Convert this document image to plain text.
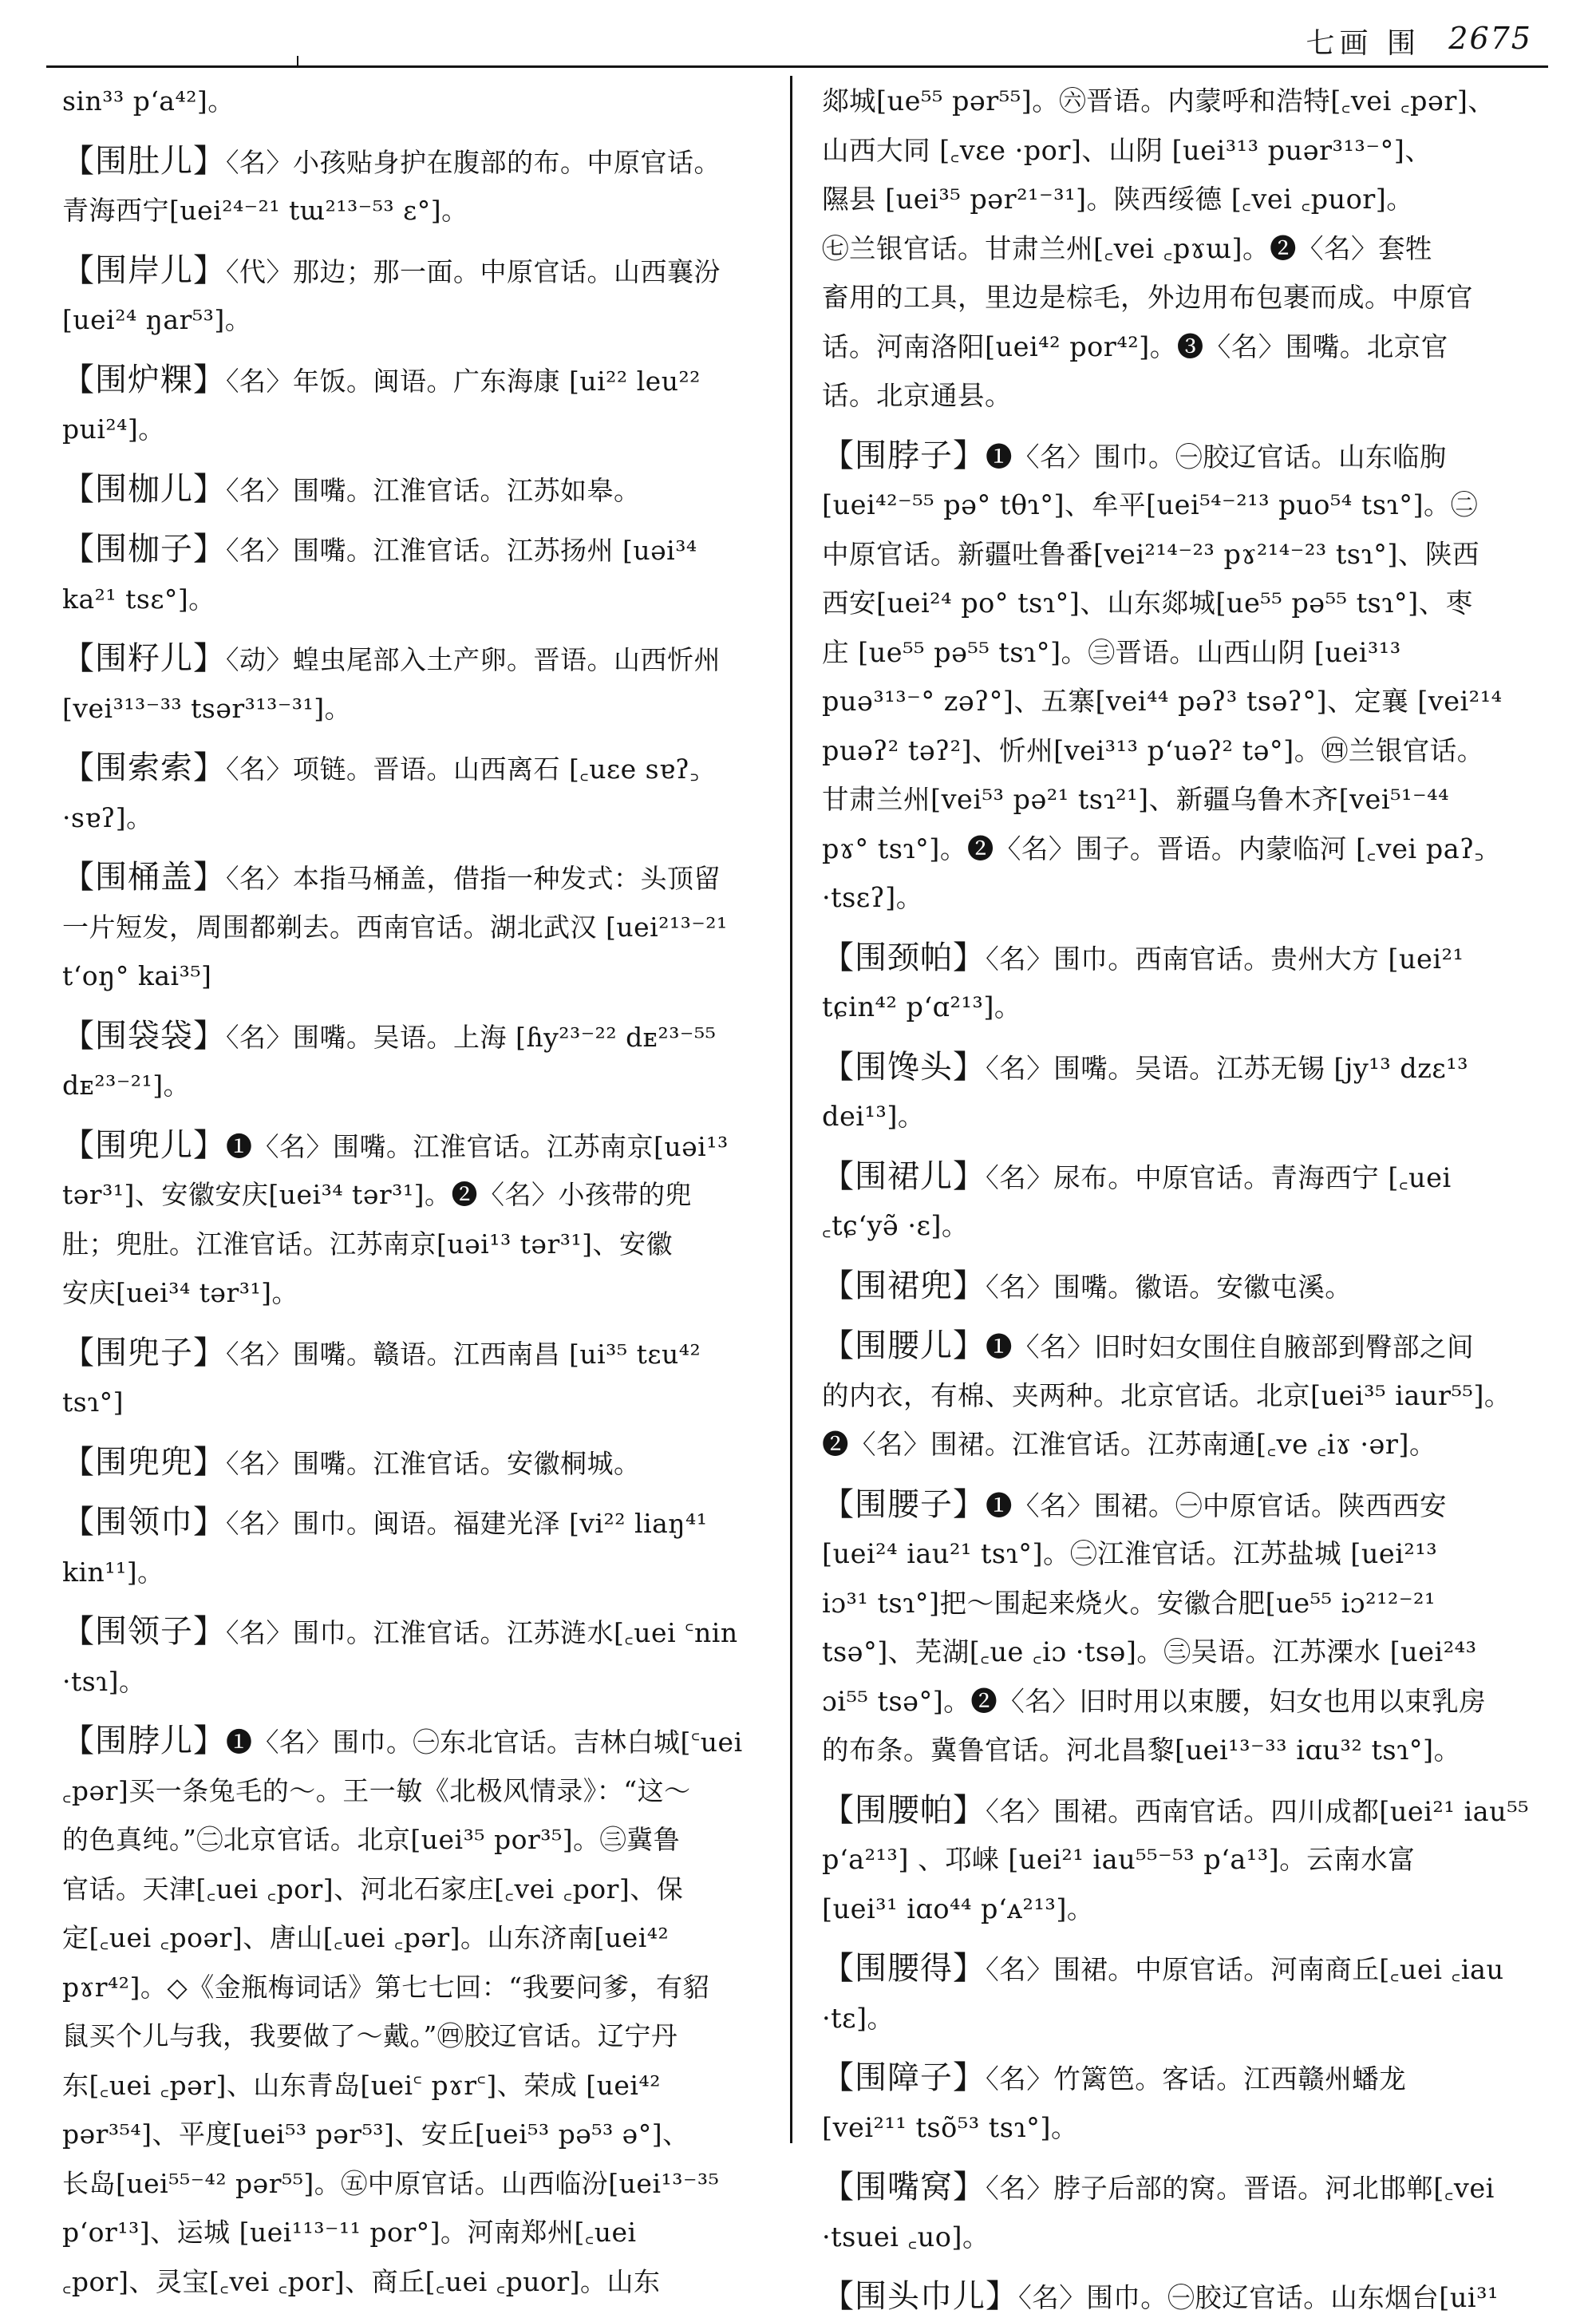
七画 围 2675
sin³³ p‘a⁴²]。
【围肚儿】〈名〉小孩贴身护在腹部的布。中原官话。
青海西宁[uei²⁴⁻²¹ tɯ²¹³⁻⁵³ ɛ°]。
【围岸儿】〈代〉那边；那一面。中原官话。山西襄汾
[uei²⁴ ŋar⁵³]。
【围炉粿】〈名〉年饭。闽语。广东海康 [ui²² leu²²
pui²⁴]。
【围枷儿】〈名〉围嘴。江淮官话。江苏如皋。
【围枷子】〈名〉围嘴。江淮官话。江苏扬州 [uəi³⁴
ka²¹ tsɛ°]。
【围籽儿】〈动〉蝗虫尾部入土产卵。晋语。山西忻州
[vei³¹³⁻³³ tsər³¹³⁻³¹]。
【围索索】〈名〉项链。晋语。山西离石 [꜀uɛe sɐʔ꜆
·sɐʔ]。
【围桶盖】〈名〉本指马桶盖，借指一种发式：头顶留
一片短发，周围都剃去。西南官话。湖北武汉 [uei²¹³⁻²¹
t‘oŋ° kai³⁵]
【围袋袋】〈名〉围嘴。吴语。上海 [ɦy²³⁻²² dᴇ²³⁻⁵⁵
dᴇ²³⁻²¹]。
【围兜儿】❶〈名〉围嘴。江淮官话。江苏南京[uəi¹³
tər³¹]、安徽安庆[uei³⁴ tər³¹]。❷〈名〉小孩带的兜
肚；兜肚。江淮官话。江苏南京[uəi¹³ tər³¹]、安徽
安庆[uei³⁴ tər³¹]。
【围兜子】〈名〉围嘴。赣语。江西南昌 [ui³⁵ tɛu⁴²
tsɿ°]
【围兜兜】〈名〉围嘴。江淮官话。安徽桐城。
【围领巾】〈名〉围巾。闽语。福建光泽 [vi²² liaŋ⁴¹
kin¹¹]。
【围领子】〈名〉围巾。江淮官话。江苏涟水[꜀uei ꜂nin
·tsɿ]。
【围脖儿】❶〈名〉围巾。㊀东北官话。吉林白城[꜂uei
꜀pər]买一条兔毛的～。王一敏《北极风情录》：“这～
的色真纯。”㊁北京官话。北京[uei³⁵ por³⁵]。㊂冀鲁
官话。天津[꜀uei ꜀por]、河北石家庄[꜀vei ꜀por]、保
定[꜀uei ꜀poər]、唐山[꜀uei ꜀pər]。山东济南[uei⁴²
pɤr⁴²]。◇《金瓶梅词话》第七七回：“我要问爹，有貂
鼠买个儿与我，我要做了～戴。”㊃胶辽官话。辽宁丹
东[꜀uei ꜀pər]、山东青岛[uei꜂ pɤr꜂]、荣成 [uei⁴²
pər³⁵⁴]、平度[uei⁵³ pər⁵³]、安丘[uei⁵³ pə⁵³ ə°]、
长岛[uei⁵⁵⁻⁴² pər⁵⁵]。㊄中原官话。山西临汾[uei¹³⁻³⁵
p‘or¹³]、运城 [uei¹¹³⁻¹¹ por°]。河南郑州[꜀uei
꜀por]、灵宝[꜀vei ꜀por]、商丘[꜀uei ꜀puor]。山东
郯城[ue⁵⁵ pər⁵⁵]。㊅晋语。内蒙呼和浩特[꜀vei ꜀pər]、
山西大同 [꜀vɛe ·por]、山阴 [uei³¹³ puər³¹³⁻°]、
隰县 [uei³⁵ pər²¹⁻³¹]。陕西绥德 [꜀vei ꜀puor]。
㊆兰银官话。甘肃兰州[꜀vei ꜀pɤɯ]。❷〈名〉套牲
畜用的工具，里边是棕毛，外边用布包裹而成。中原官
话。河南洛阳[uei⁴² por⁴²]。❸〈名〉围嘴。北京官
话。北京通县。
【围脖子】❶〈名〉围巾。㊀胶辽官话。山东临朐
[uei⁴²⁻⁵⁵ pə° tθɿ°]、牟平[uei⁵⁴⁻²¹³ puo⁵⁴ tsɿ°]。㊁
中原官话。新疆吐鲁番[vei²¹⁴⁻²³ pɤ²¹⁴⁻²³ tsɿ°]、陕西
西安[uei²⁴ po° tsɿ°]、山东郯城[ue⁵⁵ pə⁵⁵ tsɿ°]、枣
庄 [ue⁵⁵ pə⁵⁵ tsɿ°]。㊂晋语。山西山阴 [uei³¹³
puə³¹³⁻° zəʔ°]、五寨[vei⁴⁴ pəʔ³ tsəʔ°]、定襄 [vei²¹⁴
puəʔ² təʔ²]、忻州[vei³¹³ p‘uəʔ² tə°]。㊃兰银官话。
甘肃兰州[vei⁵³ pə²¹ tsɿ²¹]、新疆乌鲁木齐[vei⁵¹⁻⁴⁴
pɤ° tsɿ°]。❷〈名〉围子。晋语。内蒙临河 [꜀vei paʔ꜆
·tsɛʔ]。
【围颈帕】〈名〉围巾。西南官话。贵州大方 [uei²¹
tɕin⁴² p‘ɑ²¹³]。
【围馋头】〈名〉围嘴。吴语。江苏无锡 [jy¹³ dzɛ¹³
dei¹³]。
【围裙儿】〈名〉尿布。中原官话。青海西宁 [꜀uei
꜀tɕ‘yə̃ ·ɛ]。
【围裙兜】〈名〉围嘴。徽语。安徽屯溪。
【围腰儿】❶〈名〉旧时妇女围住自腋部到臀部之间
的内衣，有棉、夹两种。北京官话。北京[uei³⁵ iaur⁵⁵]。
❷〈名〉围裙。江淮官话。江苏南通[꜀ve ꜀iɤ ·ər]。
【围腰子】❶〈名〉围裙。㊀中原官话。陕西西安
[uei²⁴ iau²¹ tsɿ°]。㊁江淮官话。江苏盐城 [uei²¹³
iɔ³¹ tsɿ°]把～围起来烧火。安徽合肥[ue⁵⁵ iɔ²¹²⁻²¹
tsə°]、芜湖[꜀ue ꜀iɔ ·tsə]。㊂吴语。江苏溧水 [uei²⁴³
ɔi⁵⁵ tsə°]。❷〈名〉旧时用以束腰，妇女也用以束乳房
的布条。冀鲁官话。河北昌黎[uei¹³⁻³³ iɑu³² tsɿ°]。
【围腰帕】〈名〉围裙。西南官话。四川成都[uei²¹ iau⁵⁵
p‘a²¹³] 、邛崃 [uei²¹ iau⁵⁵⁻⁵³ p‘a¹³]。云南水富
[uei³¹ iɑo⁴⁴ p‘ᴀ²¹³]。
【围腰得】〈名〉围裙。中原官话。河南商丘[꜀uei ꜀iau
·tɛ]。
【围障子】〈名〉竹篱笆。客话。江西赣州蟠龙
[vei²¹¹ tsõ⁵³ tsɿ°]。
【围嘴窝】〈名〉脖子后部的窝。晋语。河北邯郸[꜀vei
·tsuei ꜀uo]。
【围头巾儿】〈名〉围巾。㊀胶辽官话。山东烟台[ui³¹
